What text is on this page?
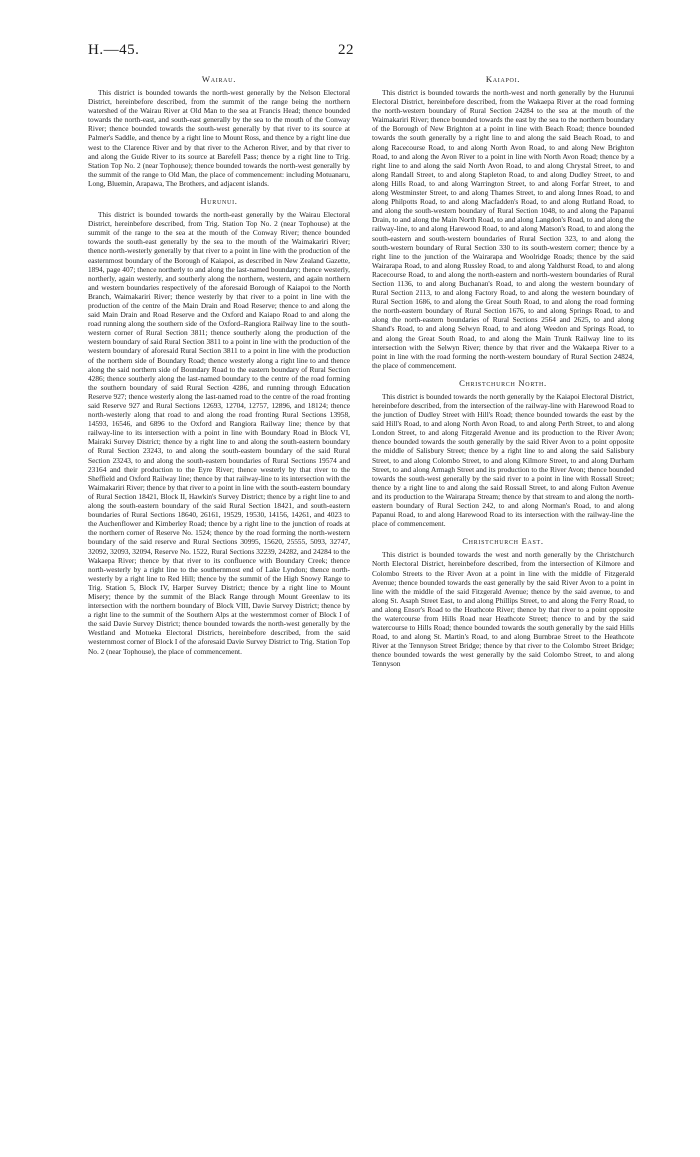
H.—45.	22
Wairau.

This district is bounded towards the north-west generally by the Nelson Electoral District, hereinbefore described, from the summit of the range being the northern watershed of the Wairau River at Old Man to the sea at Francis Head; thence bounded towards the north-east, and south-east generally by the sea to the mouth of the Conway River; thence bounded towards the south-west generally by that river to its source at Palmer's Saddle, and thence by a right line to Mount Ross, and thence by a right line due west to the Clarence River and by that river to the Acheron River, and by that river to and along the Guide River to its source at Barefell Pass; thence by a right line to Trig. Station Top No. 2 (near Tophouse); thence bounded towards the north-west generally by the summit of the range to Old Man, the place of commencement: including Motuanaru, Long, Bluemin, Arapawa, The Brothers, and adjacent islands.

Hurunui.

This district is bounded towards the north-east generally by the Wairau Electoral District, hereinbefore described, from Trig. Station Top No. 2 (near Tophouse) at the summit of the range to the sea at the mouth of the Conway River; thence bounded towards the south-east generally by the sea to the mouth of the Waimakariri River; thence north-westerly generally by that river to a point in line with the production of the easternmost boundary of the Borough of Kaiapoi, as described in New Zealand Gazette, 1894, page 407; thence northerly to and along the last-named boundary; thence westerly, northerly, again westerly, and southerly along the northern, western, and again northern and western boundaries respectively of the aforesaid Borough of Kaiapoi to the North Branch, Waimakariri River; thence westerly by that river to a point in line with the production of the centre of the Main Drain and Road Reserve; thence to and along the said Main Drain and Road Reserve and the Oxford and Kaiapo Road to and along the road running along the southern side of the Oxford–Rangiora Railway line to the south-western corner of Rural Section 3811; thence southerly along the production of the western boundary of said Rural Section 3811 to a point in line with the production of the western boundary of aforesaid Rural Section 3811 to a point in line with the production of the northern side of Boundary Road; thence westerly along a right line to and thence along the said northern side of Boundary Road to the eastern boundary of Rural Section 4286; thence southerly along the last-named boundary to the centre of the road forming the southern boundary of said Rural Section 4286, and running through Education Reserve 927; thence westerly along the last-named road to the centre of the road fronting said Reserve 927 and Rural Sections 12693, 12704, 12757, 12896, and 18124; thence north-westerly along that road to and along the road fronting Rural Sections 13958, 14593, 16546, and 6896 to the Oxford and Rangiora Railway line; thence by that railway-line to its intersection with a point in line with Boundary Road in Block VI, Mairaki Survey District; thence by a right line to and along the south-eastern boundary of Rural Section 23243, to and along the south-eastern boundary of the said Rural Section 23243, to and along the south-eastern boundaries of Rural Sections 19574 and 23164 and their production to the Eyre River; thence westerly by that river to the Sheffield and Oxford Railway line; thence by that railway-line to its intersection with the Waimakariri River; thence by that river to a point in line with the south-eastern boundary of Rural Section 18421, Block II, Hawkin's Survey District; thence by a right line to and along the south-eastern boundary of the said Rural Section 18421, and south-eastern boundaries of Rural Sections 18640, 26161, 19529, 19530, 14156, 14261, and 4023 to the Auchenflower and Kimberley Road; thence by a right line to the junction of roads at the northern corner of Reserve No. 1524; thence by the road forming the north-western boundary of the said reserve and Rural Sections 30995, 15620, 25555, 5093, 32747, 32092, 32093, 32094, Reserve No. 1522, Rural Sections 32239, 24282, and 24284 to the Wakaepa River; thence by that river to its confluence with Boundary Creek; thence north-westerly by a right line to the southernmost end of Lake Lyndon; thence north-westerly by a right line to Red Hill; thence by the summit of the High Snowy Range to Trig. Station 5, Block IV, Harper Survey District; thence by a right line to Mount Misery; thence by the summit of the Black Range through Mount Greenlaw to its intersection with the northern boundary of Block VIII, Davie Survey District; thence by a right line to the summit of the Southern Alps at the westernmost corner of Block I of the said Davie Survey District; thence bounded towards the north-west generally by the Westland and Motueka Electoral Districts, hereinbefore described, from the said westernmost corner of Block I of the aforesaid Davie Survey District to Trig. Station Top No. 2 (near Tophouse), the place of commencement.

Kaiapoi.

This district is bounded towards the north-west and north generally by the Hurunui Electoral District, hereinbefore described, from the Wakaepa River at the road forming the north-western boundary of Rural Section 24284 to the sea at the mouth of the Waimakariri River; thence bounded towards the east by the sea to the northern boundary of the Borough of New Brighton at a point in line with Beach Road; thence bounded towards the south generally by a right line to and along the said Beach Road, to and along Racecourse Road, to and along North Avon Road, to and along New Brighton Road, to and along the Avon River to a point in line with North Avon Road; thence by a right line to and along the said North Avon Road, to and along Chrystal Street, to and along Randall Street, to and along Stapleton Road, to and along Dudley Street, to and along Hills Road, to and along Warrington Street, to and along Forfar Street, to and along Westminster Street, to and along Thames Street, to and along Innes Road, to and along Philpotts Road, to and along Macfadden's Road, to and along Rutland Road, to and along the south-western boundary of Rural Section 1048, to and along the Papanui Drain, to and along the Main North Road, to and along Langdon's Road, to and along the railway-line, to and along Harewood Road, to and along Matson's Road, to and along the south-eastern and south-western boundaries of Rural Section 323, to and along the south-western boundary of Rural Section 330 to its south-western corner; thence by a right line to the junction of the Wairarapa and Woolridge Roads; thence by the said Wairarapa Road, to and along Russley Road, to and along Yaldhurst Road, to and along Racecourse Road, to and along the north-eastern and north-western boundaries of Rural Section 1136, to and along Buchanan's Road, to and along the western boundary of Rural Section 2113, to and along Factory Road, to and along the western boundary of Rural Section 1686, to and along the Great South Road, to and along the road forming the north-eastern boundary of Rural Section 1676, to and along Springs Road, to and along the north-eastern boundaries of Rural Sections 2564 and 2625, to and along Shand's Road, to and along Selwyn Road, to and along Weedon and Springs Road, to and along the Great South Road, to and along the Main Trunk Railway line to its intersection with the Selwyn River; thence by that river and the Wakaepa River to a point in line with the road forming the north-western boundary of Rural Section 24824, the place of commencement.

Christchurch North.

This district is bounded towards the north generally by the Kaiapoi Electoral District, hereinbefore described, from the intersection of the railway-line with Harewood Road to the junction of Dudley Street with Hill's Road; thence bounded towards the east by the said Hill's Road, to and along North Avon Road, to and along Perth Street, to and along London Street, to and along Fitzgerald Avenue and its production to the River Avon; thence bounded towards the south generally by the said River Avon to a point opposite the middle of Salisbury Street; thence by a right line to and along the said Salisbury Street, to and along Colombo Street, to and along Kilmore Street, to and along Durham Street, to and along Armagh Street and its production to the River Avon; thence bounded towards the south-west generally by the said river to a point in line with Rossall Street; thence by a right line to and along the said Rossall Street, to and along Fulton Avenue and its production to the Wairarapa Stream; thence by that stream to and along the north-eastern boundary of Rural Section 242, to and along Norman's Road, to and along Papanui Road, to and along Harewood Road to its intersection with the railway-line the place of commencement.

Christchurch East.

This district is bounded towards the west and north generally by the Christchurch North Electoral District, hereinbefore described, from the intersection of Kilmore and Colombo Streets to the River Avon at a point in line with the middle of Fitzgerald Avenue; thence bounded towards the east generally by the said River Avon to a point in line with the middle of the said Fitzgerald Avenue; thence by the said avenue, to and along St. Asaph Street East, to and along Phillips Street, to and along the Ferry Road, to and along Ensor's Road to the Heathcote River; thence by that river to a point opposite the watercourse from Hills Road near Heathcote Street; thence to and by the said watercourse to Hills Road; thence bounded towards the south generally by the said Hills Road, to and along St. Martin's Road, to and along Burnbrae Street to the Heathcote River at the Tennyson Street Bridge; thence by that river to the Colombo Street Bridge; thence bounded towards the west generally by the said Colombo Street, to and along Tennyson
